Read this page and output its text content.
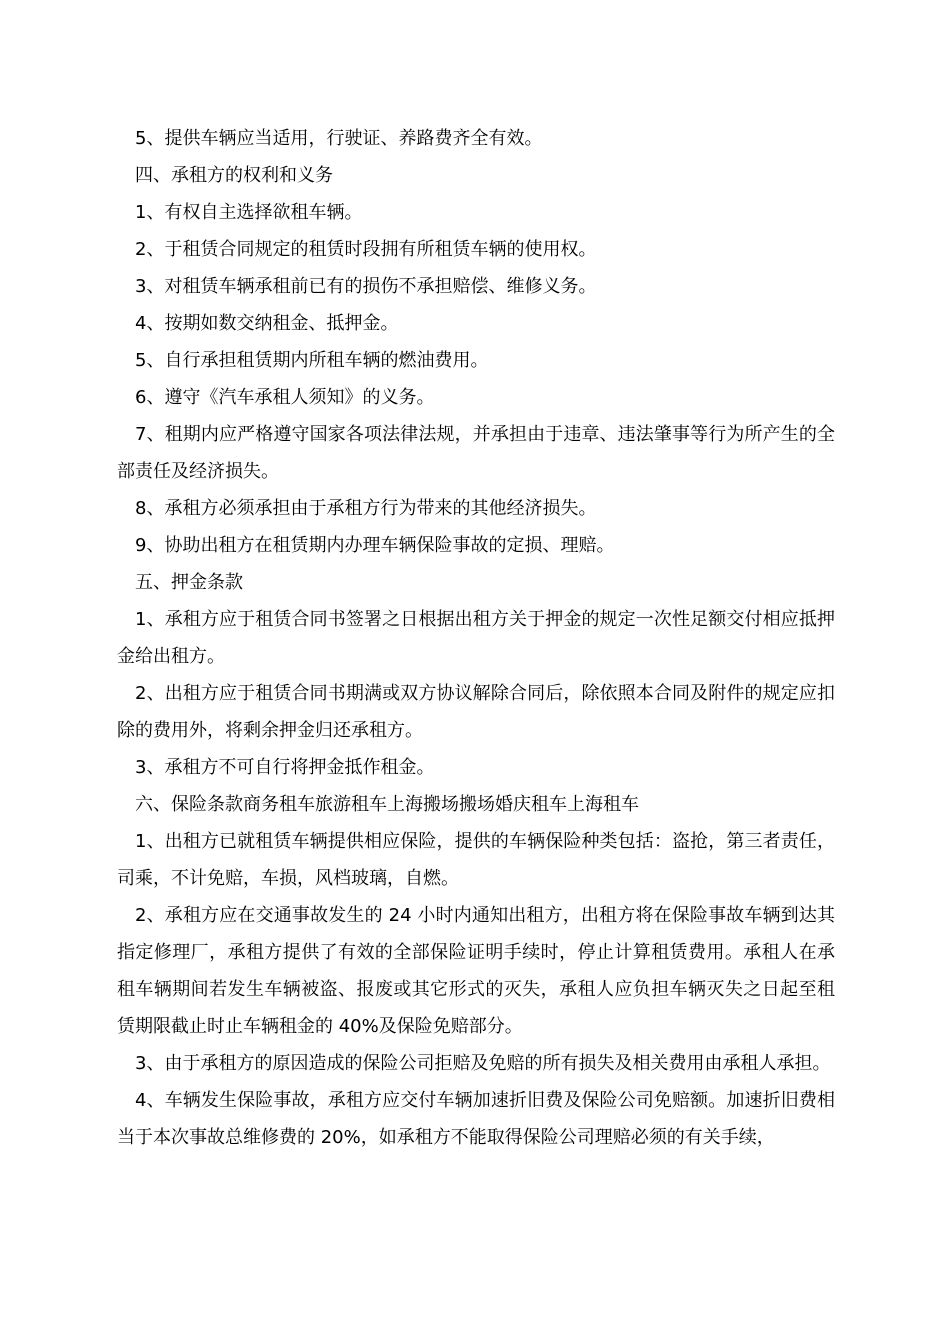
5、提供车辆应当适用，行驶证、养路费齐全有效。

四、承租方的权利和义务

1、有权自主选择欲租车辆。

2、于租赁合同规定的租赁时段拥有所租赁车辆的使用权。

3、对租赁车辆承租前已有的损伤不承担赔偿、维修义务。

4、按期如数交纳租金、抵押金。

5、自行承担租赁期内所租车辆的燃油费用。

6、遵守《汽车承租人须知》的义务。

7、租期内应严格遵守国家各项法律法规，并承担由于违章、违法肇事等行为所产生的全部责任及经济损失。

8、承租方必须承担由于承租方行为带来的其他经济损失。

9、协助出租方在租赁期内办理车辆保险事故的定损、理赔。

五、押金条款

1、承租方应于租赁合同书签署之日根据出租方关于押金的规定一次性足额交付相应抵押金给出租方。

2、出租方应于租赁合同书期满或双方协议解除合同后，除依照本合同及附件的规定应扣除的费用外，将剩余押金归还承租方。

3、承租方不可自行将押金抵作租金。

六、保险条款商务租车旅游租车上海搬场搬场婚庆租车上海租车

1、出租方已就租赁车辆提供相应保险，提供的车辆保险种类包括：盗抢，第三者责任，司乘，不计免赔，车损，风档玻璃，自燃。

2、承租方应在交通事故发生的 24 小时内通知出租方，出租方将在保险事故车辆到达其指定修理厂，承租方提供了有效的全部保险证明手续时，停止计算租赁费用。承租人在承租车辆期间若发生车辆被盗、报废或其它形式的灭失，承租人应负担车辆灭失之日起至租赁期限截止时止车辆租金的 40%及保险免赔部分。

3、由于承租方的原因造成的保险公司拒赔及免赔的所有损失及相关费用由承租人承担。

4、车辆发生保险事故，承租方应交付车辆加速折旧费及保险公司免赔额。加速折旧费相当于本次事故总维修费的 20%，如承租方不能取得保险公司理赔必须的有关手续，
